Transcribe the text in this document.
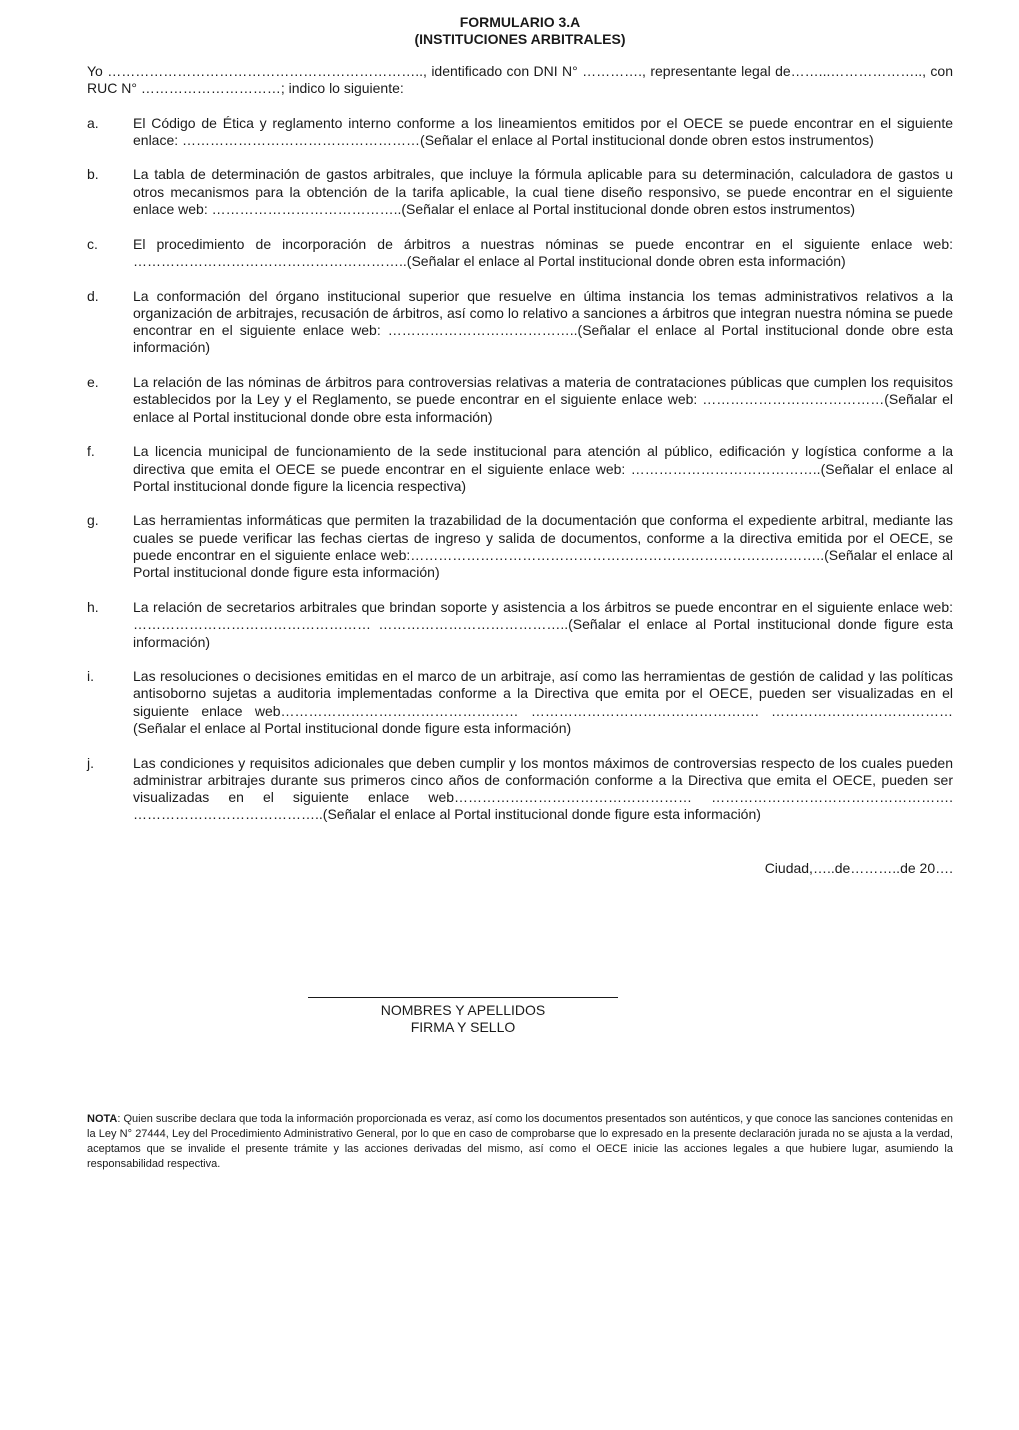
FORMULARIO 3.A
(INSTITUCIONES ARBITRALES)
Yo ………………………………………………………….., identificado con DNI N° …………., representante legal de……...……………….., con RUC N° …………………………; indico lo siguiente:
a.	El Código de Ética y reglamento interno conforme a los lineamientos emitidos por el OECE se puede encontrar en el siguiente enlace: ……………………………………………(Señalar el enlace al Portal institucional donde obren estos instrumentos)
b.	La tabla de determinación de gastos arbitrales, que incluye la fórmula aplicable para su determinación, calculadora de gastos u otros mecanismos para la obtención de la tarifa aplicable, la cual tiene diseño responsivo, se puede encontrar en el siguiente enlace web: …………………………………..(Señalar el enlace al Portal institucional donde obren estos instrumentos)
c.	El procedimiento de incorporación de árbitros a nuestras nóminas se puede encontrar en el siguiente enlace web: …………………………………………………..(Señalar el enlace al Portal institucional donde obren esta información)
d.	La conformación del órgano institucional superior que resuelve en última instancia los temas administrativos relativos a la organización de arbitrajes, recusación de árbitros, así como lo relativo a sanciones a árbitros que integran nuestra nómina se puede encontrar en el siguiente enlace web: …………………………………..(Señalar el enlace al Portal institucional donde obre esta información)
e.	La relación de las nóminas de árbitros para controversias relativas a materia de contrataciones públicas que cumplen los requisitos establecidos por la Ley y el Reglamento, se puede encontrar en el siguiente enlace web: …………………………………(Señalar el enlace al Portal institucional donde obre esta información)
f.	La licencia municipal de funcionamiento de la sede institucional para atención al público, edificación y logística conforme a la directiva que emita el OECE se puede encontrar en el siguiente enlace web: …………………………………..(Señalar el enlace al Portal institucional donde figure la licencia respectiva)
g.	Las herramientas informáticas que permiten la trazabilidad de la documentación que conforma el expediente arbitral, mediante las cuales se puede verificar las fechas ciertas de ingreso y salida de documentos, conforme a la directiva emitida por el OECE, se puede encontrar en el siguiente enlace web:……………………………………………………………………………..(Señalar el enlace al Portal institucional donde figure esta información)
h.	La relación de secretarios arbitrales que brindan soporte y asistencia a los árbitros se puede encontrar en el siguiente enlace web: …………………………………………… …………………………………..(Señalar el enlace al Portal institucional donde figure esta información)
i.	Las resoluciones o decisiones emitidas en el marco de un arbitraje, así como las herramientas de gestión de calidad y las políticas antisoborno sujetas a auditoria implementadas conforme a la Directiva que emita por el OECE, pueden ser visualizadas en el siguiente enlace web…………………………………………… …………………………………………. …………………………………(Señalar el enlace al Portal institucional donde figure esta información)
j.	Las condiciones y requisitos adicionales que deben cumplir y los montos máximos de controversias respecto de los cuales pueden administrar arbitrajes durante sus primeros cinco años de conformación conforme a la Directiva que emita el OECE, pueden ser visualizadas en el siguiente enlace web…………………………………………… ……………………………………………. …………………………………..(Señalar el enlace al Portal institucional donde figure esta información)
Ciudad,…..de………..de 20….
NOMBRES Y APELLIDOS
FIRMA Y SELLO
NOTA: Quien suscribe declara que toda la información proporcionada es veraz, así como los documentos presentados son auténticos, y que conoce las sanciones contenidas en la Ley N° 27444, Ley del Procedimiento Administrativo General, por lo que en caso de comprobarse que lo expresado en la presente declaración jurada no se ajusta a la verdad, aceptamos que se invalide el presente trámite y las acciones derivadas del mismo, así como el OECE inicie las acciones legales a que hubiere lugar, asumiendo la responsabilidad respectiva.
